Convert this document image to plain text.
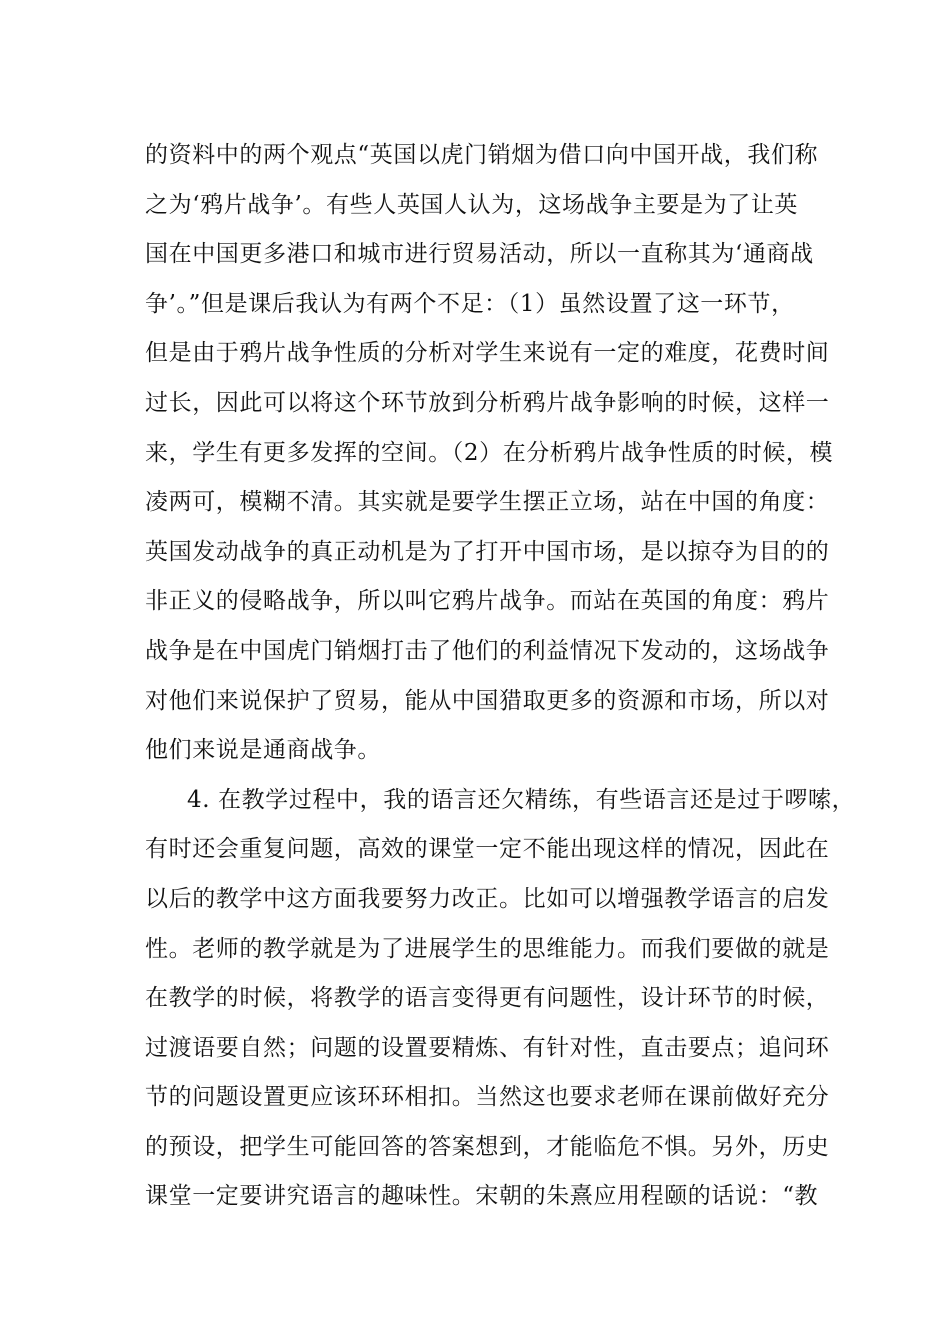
的资料中的两个观点“英国以虎门销烟为借口向中国开战，我们称
之为‘鸦片战争’。有些人英国人认为，这场战争主要是为了让英
国在中国更多港口和城市进行贸易活动，所以一直称其为‘通商战
争’。”但是课后我认为有两个不足：（1）虽然设置了这一环节，
但是由于鸦片战争性质的分析对学生来说有一定的难度，花费时间
过长，因此可以将这个环节放到分析鸦片战争影响的时候，这样一
来，学生有更多发挥的空间。（2）在分析鸦片战争性质的时候，模
凌两可，模糊不清。其实就是要学生摆正立场，站在中国的角度：
英国发动战争的真正动机是为了打开中国市场，是以掠夺为目的的
非正义的侵略战争，所以叫它鸦片战争。而站在英国的角度：鸦片
战争是在中国虎门销烟打击了他们的利益情况下发动的，这场战争
对他们来说保护了贸易，能从中国猎取更多的资源和市场，所以对
他们来说是通商战争。
4. 在教学过程中，我的语言还欠精练，有些语言还是过于啰嗦，
有时还会重复问题，高效的课堂一定不能出现这样的情况，因此在
以后的教学中这方面我要努力改正。比如可以增强教学语言的启发
性。老师的教学就是为了进展学生的思维能力。而我们要做的就是
在教学的时候，将教学的语言变得更有问题性，设计环节的时候，
过渡语要自然；问题的设置要精炼、有针对性，直击要点；追问环
节的问题设置更应该环环相扣。当然这也要求老师在课前做好充分
的预设，把学生可能回答的答案想到，才能临危不惧。另外，历史
课堂一定要讲究语言的趣味性。宋朝的朱熹应用程颐的话说：“教
